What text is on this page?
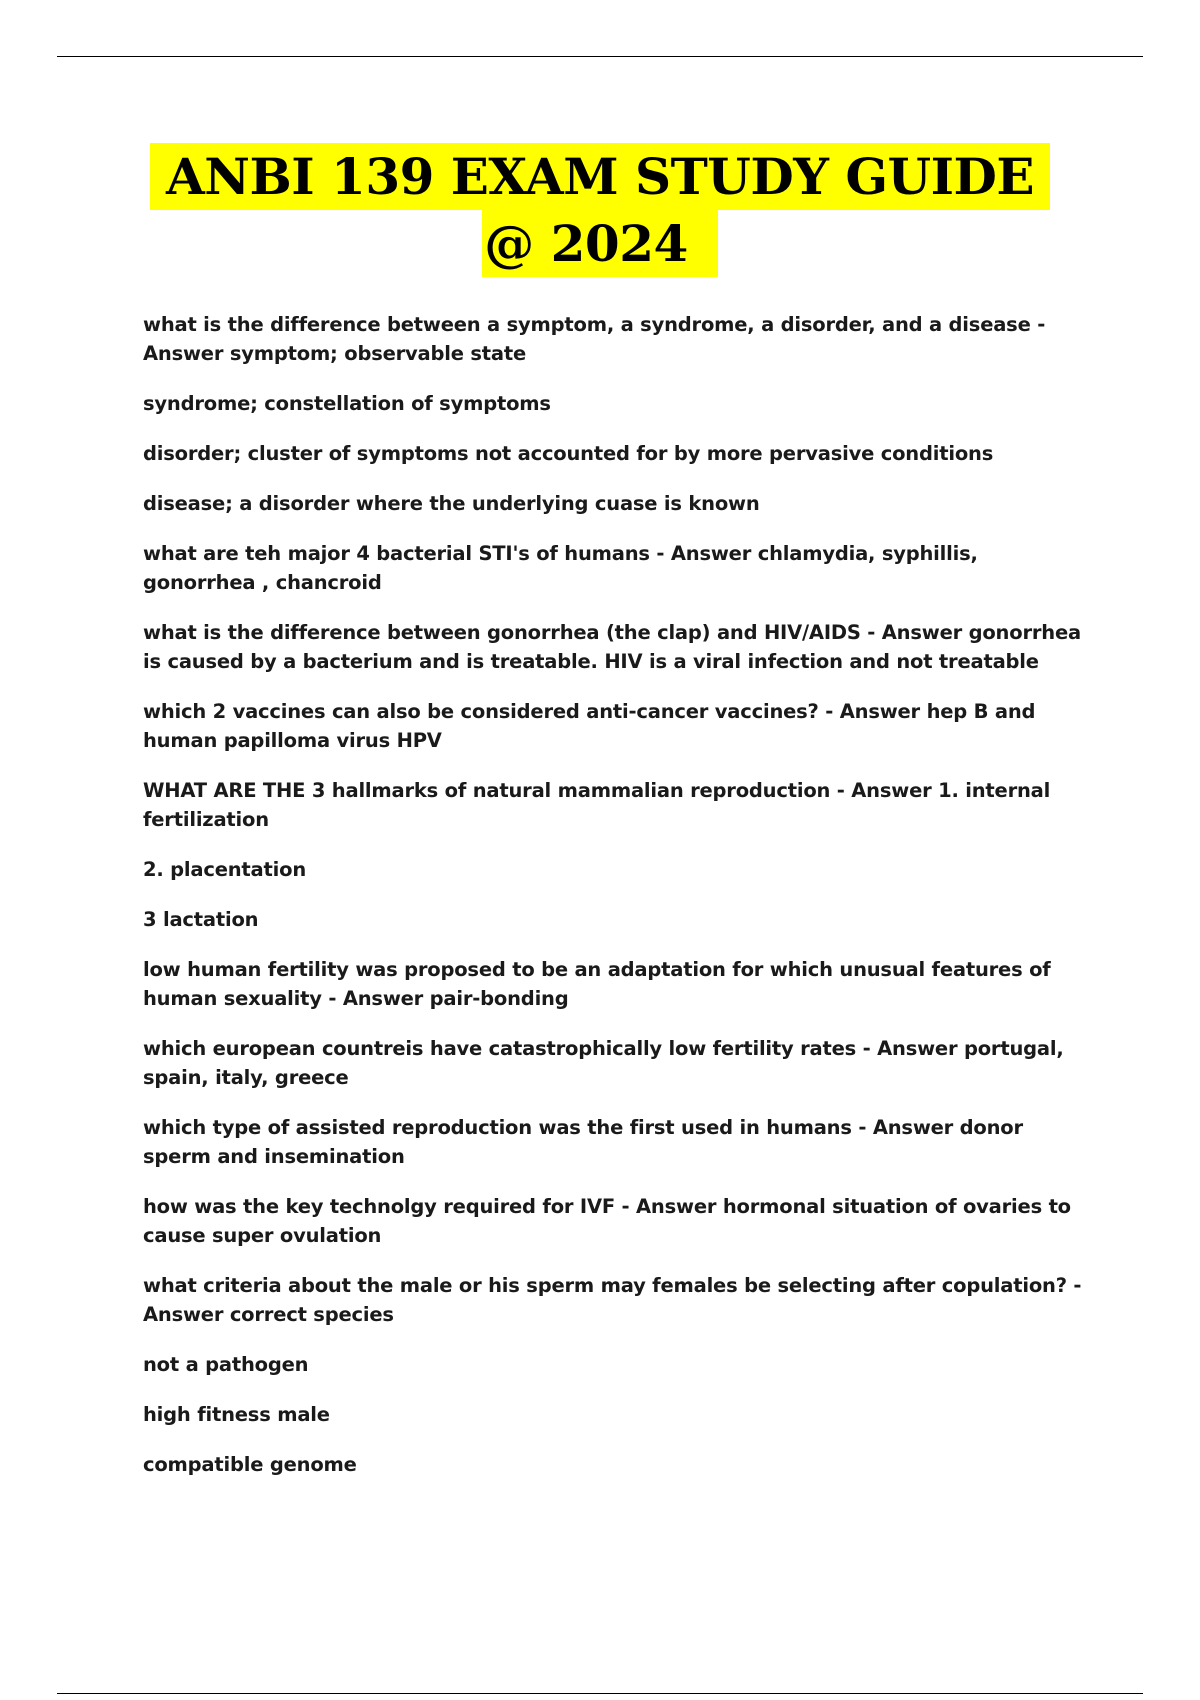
ANBI 139 EXAM STUDY GUIDE
@ 2024

what is the difference between a symptom, a syndrome, a disorder, and a disease - Answer symptom; observable state

syndrome; constellation of symptoms

disorder; cluster of symptoms not accounted for by more pervasive conditions

disease; a disorder where the underlying cuase is known

what are teh major 4 bacterial STI's of humans - Answer chlamydia, syphillis, gonorrhea , chancroid

what is the difference between gonorrhea (the clap) and HIV/AIDS - Answer gonorrhea is caused by a bacterium and is treatable. HIV is a viral infection and not treatable

which 2 vaccines can also be considered anti-cancer vaccines? - Answer hep B and human papilloma virus HPV

WHAT ARE THE 3 hallmarks of natural mammalian reproduction - Answer 1. internal fertilization

2. placentation

3 lactation

low human fertility was proposed to be an adaptation for which unusual features of human sexuality - Answer pair-bonding

which european countreis have catastrophically low fertility rates - Answer portugal, spain, italy, greece

which type of assisted reproduction was the first used in humans - Answer donor sperm and insemination

how was the key technolgy required for IVF - Answer hormonal situation of ovaries to cause super ovulation

what criteria about the male or his sperm may females be selecting after copulation? - Answer correct species

not a pathogen

high fitness male

compatible genome
